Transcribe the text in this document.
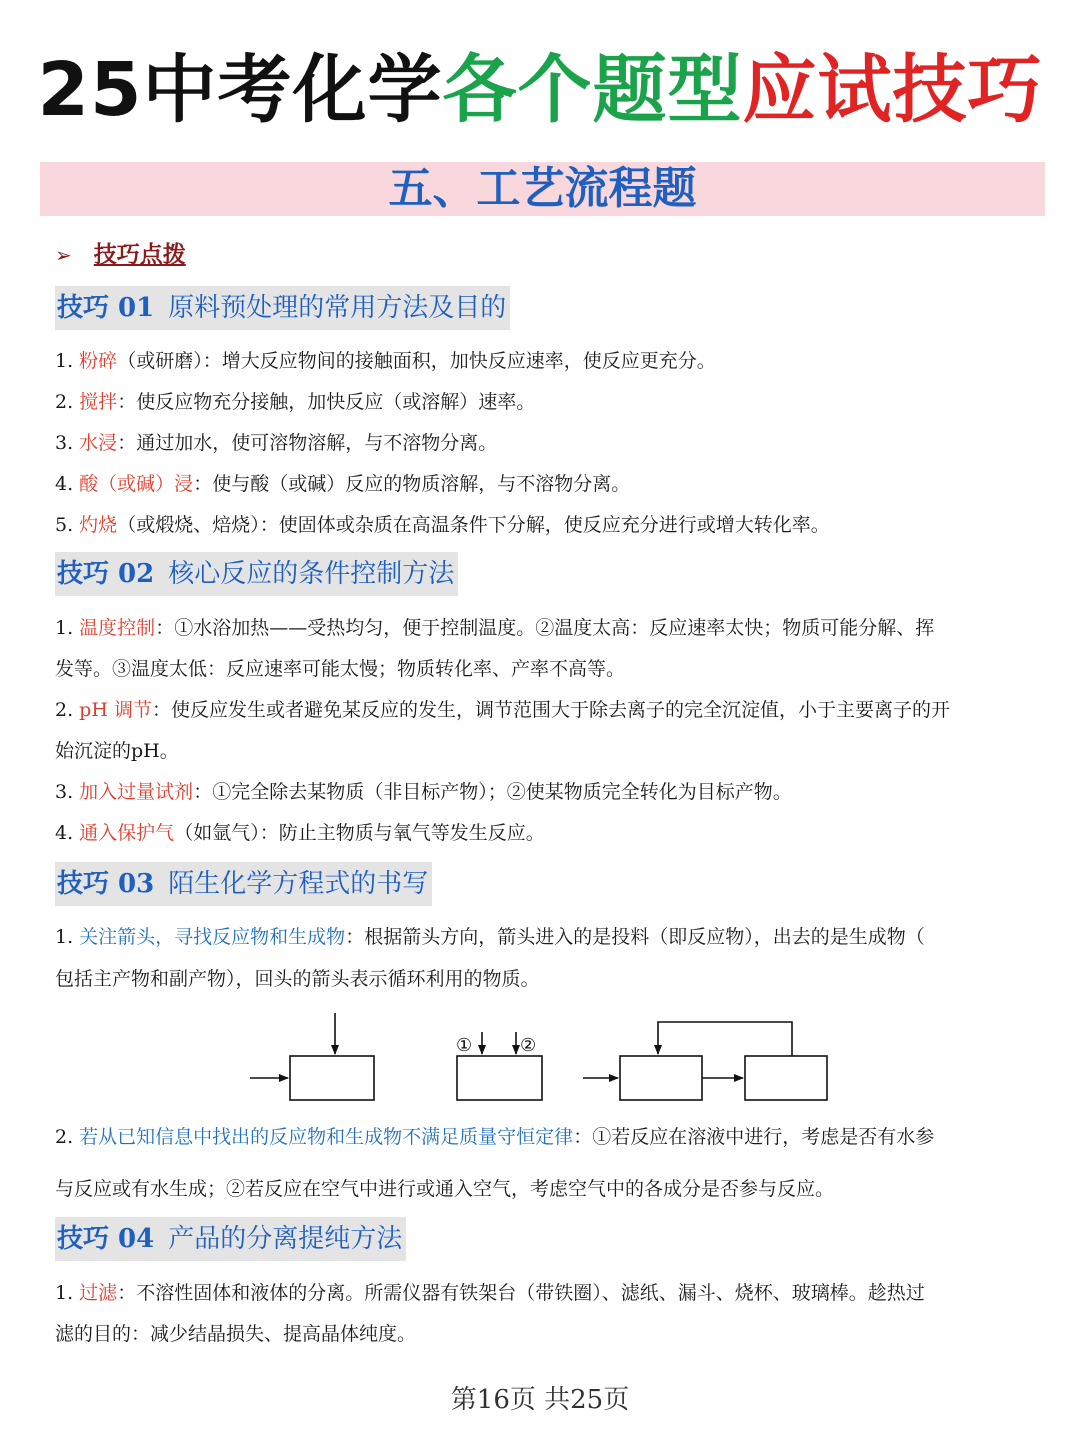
25中考化学各个题型应试技巧
五、工艺流程题
➢ 技巧点拨
技巧 01 原料预处理的常用方法及目的
1. 粉碎（或研磨）：增大反应物间的接触面积，加快反应速率，使反应更充分。
2. 搅拌：使反应物充分接触，加快反应（或溶解）速率。
3. 水浸：通过加水，使可溶物溶解，与不溶物分离。
4. 酸（或碱）浸：使与酸（或碱）反应的物质溶解，与不溶物分离。
5. 灼烧（或煅烧、焙烧）：使固体或杂质在高温条件下分解，使反应充分进行或增大转化率。
技巧 02 核心反应的条件控制方法
1. 温度控制：①水浴加热——受热均匀，便于控制温度。②温度太高：反应速率太快；物质可能分解、挥
发等。③温度太低：反应速率可能太慢；物质转化率、产率不高等。
2. pH 调节：使反应发生或者避免某反应的发生，调节范围大于除去离子的完全沉淀值，小于主要离子的开
始沉淀的pH。
3. 加入过量试剂：①完全除去某物质（非目标产物）；②使某物质完全转化为目标产物。
4. 通入保护气（如氩气）：防止主物质与氧气等发生反应。
技巧 03 陌生化学方程式的书写
1. 关注箭头，寻找反应物和生成物：根据箭头方向，箭头进入的是投料（即反应物），出去的是生成物（
包括主产物和副产物），回头的箭头表示循环利用的物质。
①	②
2. 若从已知信息中找出的反应物和生成物不满足质量守恒定律：①若反应在溶液中进行，考虑是否有水参
与反应或有水生成；②若反应在空气中进行或通入空气，考虑空气中的各成分是否参与反应。
技巧 04 产品的分离提纯方法
1. 过滤：不溶性固体和液体的分离。所需仪器有铁架台（带铁圈）、滤纸、漏斗、烧杯、玻璃棒。趁热过
滤的目的：减少结晶损失、提高晶体纯度。
第16页 共25页
